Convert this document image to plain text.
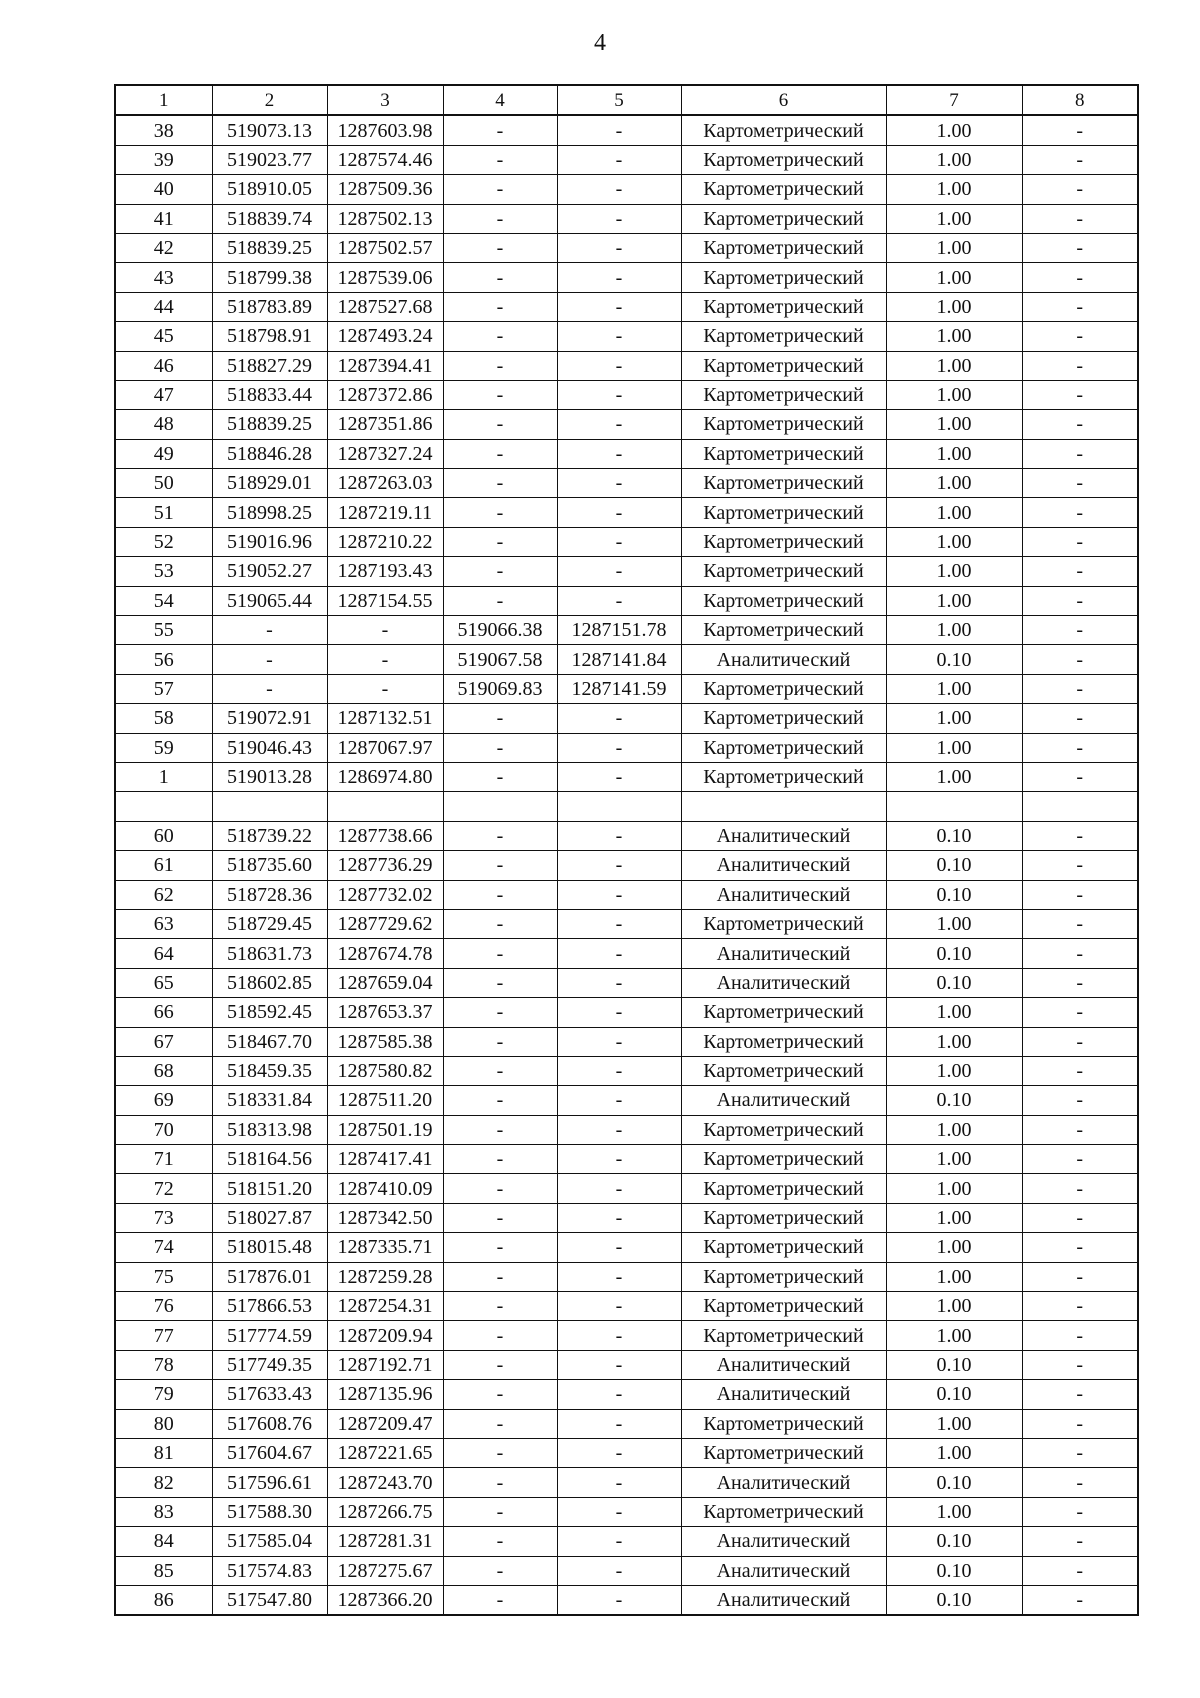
4
1	2	3	4	5	6	7	8
38	519073.13	1287603.98	-	-	Картометрический	1.00	-
39	519023.77	1287574.46	-	-	Картометрический	1.00	-
40	518910.05	1287509.36	-	-	Картометрический	1.00	-
41	518839.74	1287502.13	-	-	Картометрический	1.00	-
42	518839.25	1287502.57	-	-	Картометрический	1.00	-
43	518799.38	1287539.06	-	-	Картометрический	1.00	-
44	518783.89	1287527.68	-	-	Картометрический	1.00	-
45	518798.91	1287493.24	-	-	Картометрический	1.00	-
46	518827.29	1287394.41	-	-	Картометрический	1.00	-
47	518833.44	1287372.86	-	-	Картометрический	1.00	-
48	518839.25	1287351.86	-	-	Картометрический	1.00	-
49	518846.28	1287327.24	-	-	Картометрический	1.00	-
50	518929.01	1287263.03	-	-	Картометрический	1.00	-
51	518998.25	1287219.11	-	-	Картометрический	1.00	-
52	519016.96	1287210.22	-	-	Картометрический	1.00	-
53	519052.27	1287193.43	-	-	Картометрический	1.00	-
54	519065.44	1287154.55	-	-	Картометрический	1.00	-
55	-	-	519066.38	1287151.78	Картометрический	1.00	-
56	-	-	519067.58	1287141.84	Аналитический	0.10	-
57	-	-	519069.83	1287141.59	Картометрический	1.00	-
58	519072.91	1287132.51	-	-	Картометрический	1.00	-
59	519046.43	1287067.97	-	-	Картометрический	1.00	-
1	519013.28	1286974.80	-	-	Картометрический	1.00	-

60	518739.22	1287738.66	-	-	Аналитический	0.10	-
61	518735.60	1287736.29	-	-	Аналитический	0.10	-
62	518728.36	1287732.02	-	-	Аналитический	0.10	-
63	518729.45	1287729.62	-	-	Картометрический	1.00	-
64	518631.73	1287674.78	-	-	Аналитический	0.10	-
65	518602.85	1287659.04	-	-	Аналитический	0.10	-
66	518592.45	1287653.37	-	-	Картометрический	1.00	-
67	518467.70	1287585.38	-	-	Картометрический	1.00	-
68	518459.35	1287580.82	-	-	Картометрический	1.00	-
69	518331.84	1287511.20	-	-	Аналитический	0.10	-
70	518313.98	1287501.19	-	-	Картометрический	1.00	-
71	518164.56	1287417.41	-	-	Картометрический	1.00	-
72	518151.20	1287410.09	-	-	Картометрический	1.00	-
73	518027.87	1287342.50	-	-	Картометрический	1.00	-
74	518015.48	1287335.71	-	-	Картометрический	1.00	-
75	517876.01	1287259.28	-	-	Картометрический	1.00	-
76	517866.53	1287254.31	-	-	Картометрический	1.00	-
77	517774.59	1287209.94	-	-	Картометрический	1.00	-
78	517749.35	1287192.71	-	-	Аналитический	0.10	-
79	517633.43	1287135.96	-	-	Аналитический	0.10	-
80	517608.76	1287209.47	-	-	Картометрический	1.00	-
81	517604.67	1287221.65	-	-	Картометрический	1.00	-
82	517596.61	1287243.70	-	-	Аналитический	0.10	-
83	517588.30	1287266.75	-	-	Картометрический	1.00	-
84	517585.04	1287281.31	-	-	Аналитический	0.10	-
85	517574.83	1287275.67	-	-	Аналитический	0.10	-
86	517547.80	1287366.20	-	-	Аналитический	0.10	-
